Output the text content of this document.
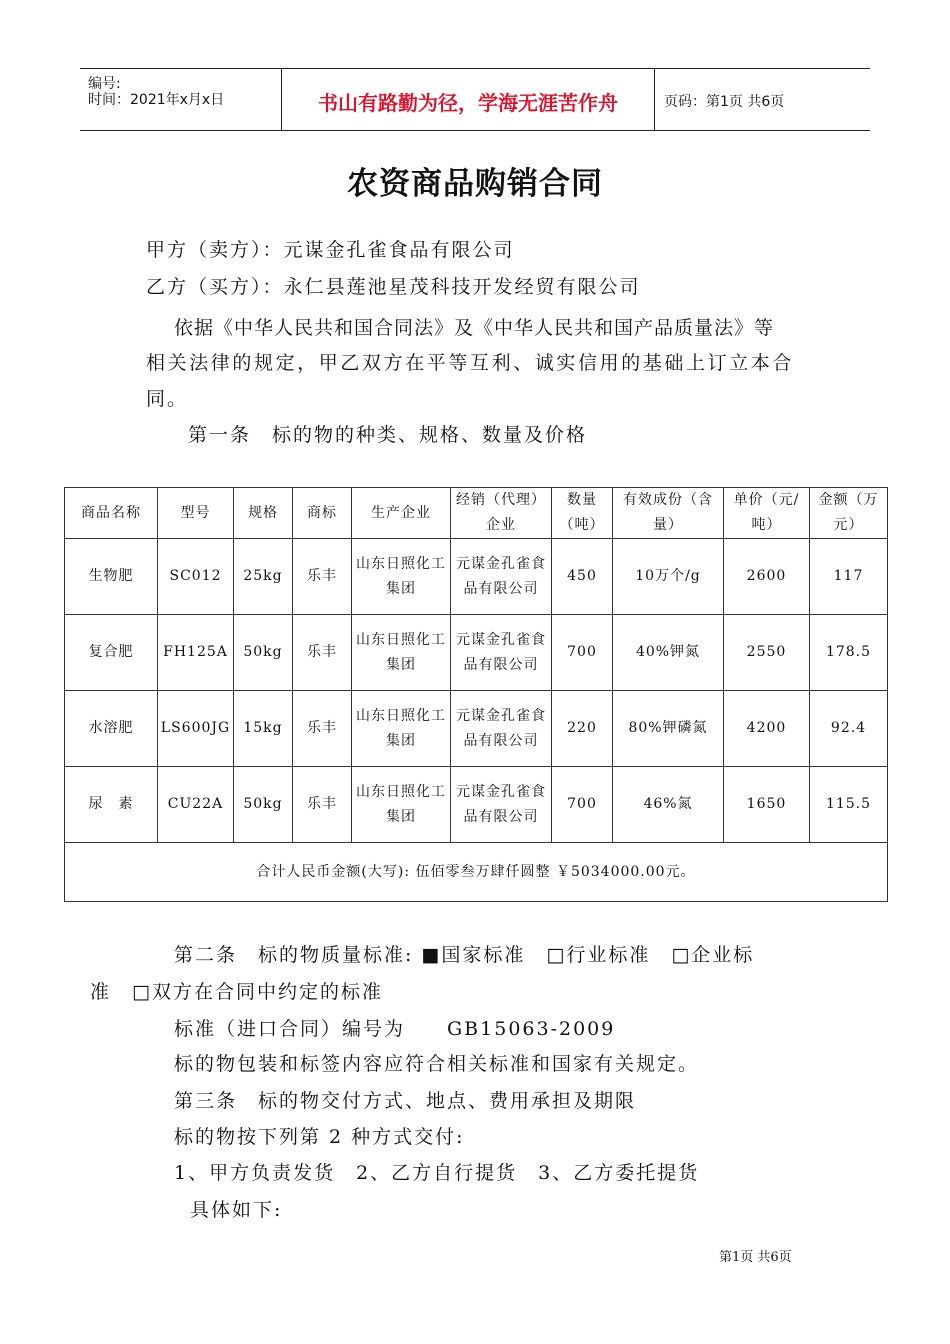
编号:
时间：2021年x月x日	书山有路勤为径，学海无涯苦作舟	页码：第1页 共6页
农资商品购销合同
甲方（卖方）：元谋金孔雀食品有限公司
乙方（买方）：永仁县莲池星茂科技开发经贸有限公司
依据《中华人民共和国合同法》及《中华人民共和国产品质量法》等
相关法律的规定，甲乙双方在平等互利、诚实信用的基础上订立本合
同。
第一条　标的物的种类、规格、数量及价格
商品名称	型号	规格	商标	生产企业	经销（代理）企业	数量（吨）	有效成份（含量）	单价（元/吨）	金额（万元）
生物肥	SC012	25kg	乐丰	山东日照化工集团	元谋金孔雀食品有限公司	450	10万个/g	2600	117
复合肥	FH125A	50kg	乐丰	山东日照化工集团	元谋金孔雀食品有限公司	700	40%钾氮	2550	178.5
水溶肥	LS600JG	15kg	乐丰	山东日照化工集团	元谋金孔雀食品有限公司	220	80%钾磷氮	4200	92.4
尿　素	CU22A	50kg	乐丰	山东日照化工集团	元谋金孔雀食品有限公司	700	46%氮	1650	115.5
合计人民币金额(大写): 伍佰零叁万肆仟圆整 ￥5034000.00元。									
第二条　标的物质量标准: ■国家标准　□行业标准　□企业标
准　□双方在合同中约定的标准
标准（进口合同）编号为　　GB15063-2009
标的物包装和标签内容应符合相关标准和国家有关规定。
第三条　标的物交付方式、地点、费用承担及期限
标的物按下列第 2 种方式交付:
1、甲方负责发货　2、乙方自行提货　3、乙方委托提货
具体如下:
第1页 共6页
